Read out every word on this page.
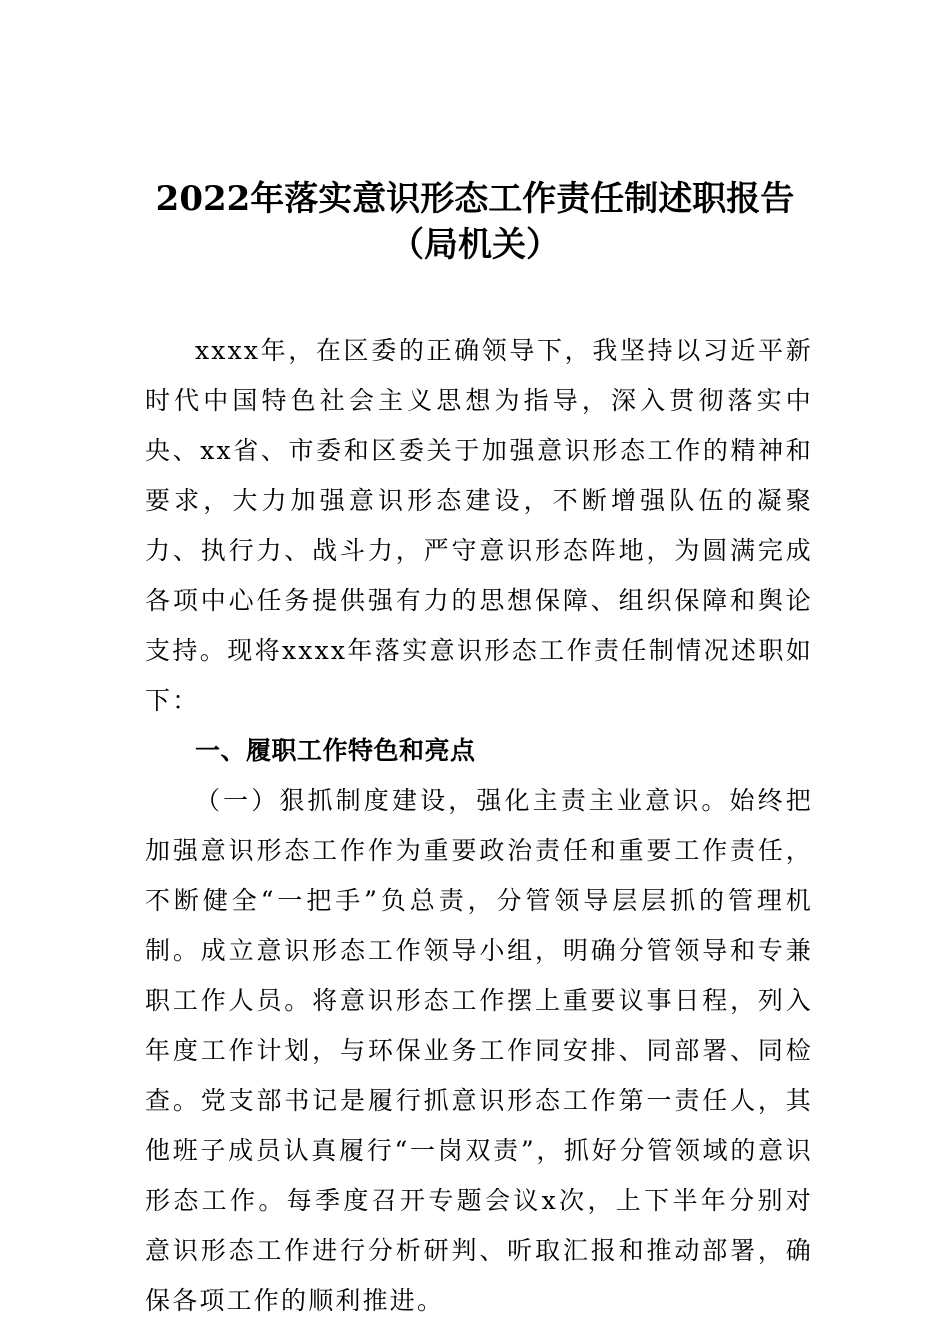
2022年落实意识形态工作责任制述职报告
（局机关）

xxxx年，在区委的正确领导下，我坚持以习近平新时代中国特色社会主义思想为指导，深入贯彻落实中央、xx省、市委和区委关于加强意识形态工作的精神和要求，大力加强意识形态建设，不断增强队伍的凝聚力、执行力、战斗力，严守意识形态阵地，为圆满完成各项中心任务提供强有力的思想保障、组织保障和舆论支持。现将xxxx年落实意识形态工作责任制情况述职如下：

一、履职工作特色和亮点

（一）狠抓制度建设，强化主责主业意识。始终把加强意识形态工作作为重要政治责任和重要工作责任，不断健全“一把手”负总责，分管领导层层抓的管理机制。成立意识形态工作领导小组，明确分管领导和专兼职工作人员。将意识形态工作摆上重要议事日程，列入年度工作计划，与环保业务工作同安排、同部署、同检查。党支部书记是履行抓意识形态工作第一责任人，其他班子成员认真履行“一岗双责”，抓好分管领域的意识形态工作。每季度召开专题会议x次，上下半年分别对意识形态工作进行分析研判、听取汇报和推动部署，确保各项工作的顺利推进。
